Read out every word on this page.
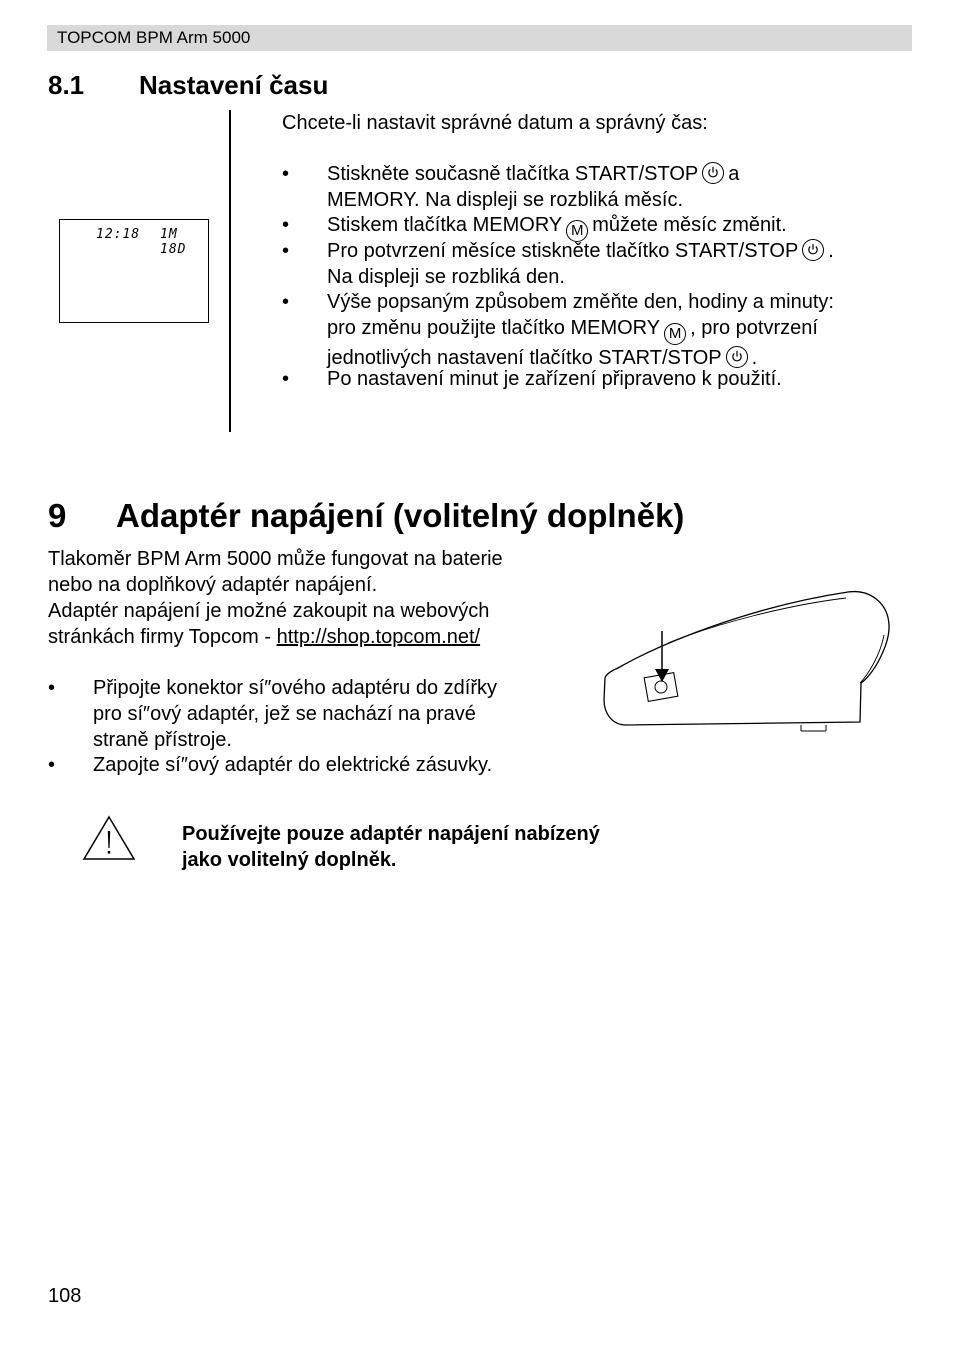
TOPCOM BPM Arm 5000
8.1 Nastavení času
12:18 1M 18D

Chcete-li nastavit správné datum a správný čas:

• Stiskněte současně tlačítka START/STOP a
MEMORY. Na displeji se rozbliká měsíc.
• Stiskem tlačítka MEMORY M můžete měsíc změnit.
• Pro potvrzení měsíce stiskněte tlačítko START/STOP .
Na displeji se rozbliká den.
• Výše popsaným způsobem změňte den, hodiny a minuty:
pro změnu použijte tlačítko MEMORY M , pro potvrzení
jednotlivých nastavení tlačítko START/STOP .
• Po nastavení minut je zařízení připraveno k použití.
9 Adaptér napájení (volitelný doplněk)
Tlakoměr BPM Arm 5000 může fungovat na baterie
nebo na doplňkový adaptér napájení.
Adaptér napájení je možné zakoupit na webových
stránkách firmy Topcom - http://shop.topcom.net/
• Připojte konektor sí″ového adaptéru do zdířky
pro sí″ový adaptér, jež se nachází na pravé
straně přístroje.
• Zapojte sí″ový adaptér do elektrické zásuvky.
Používejte pouze adaptér napájení nabízený
jako volitelný doplněk.
108
